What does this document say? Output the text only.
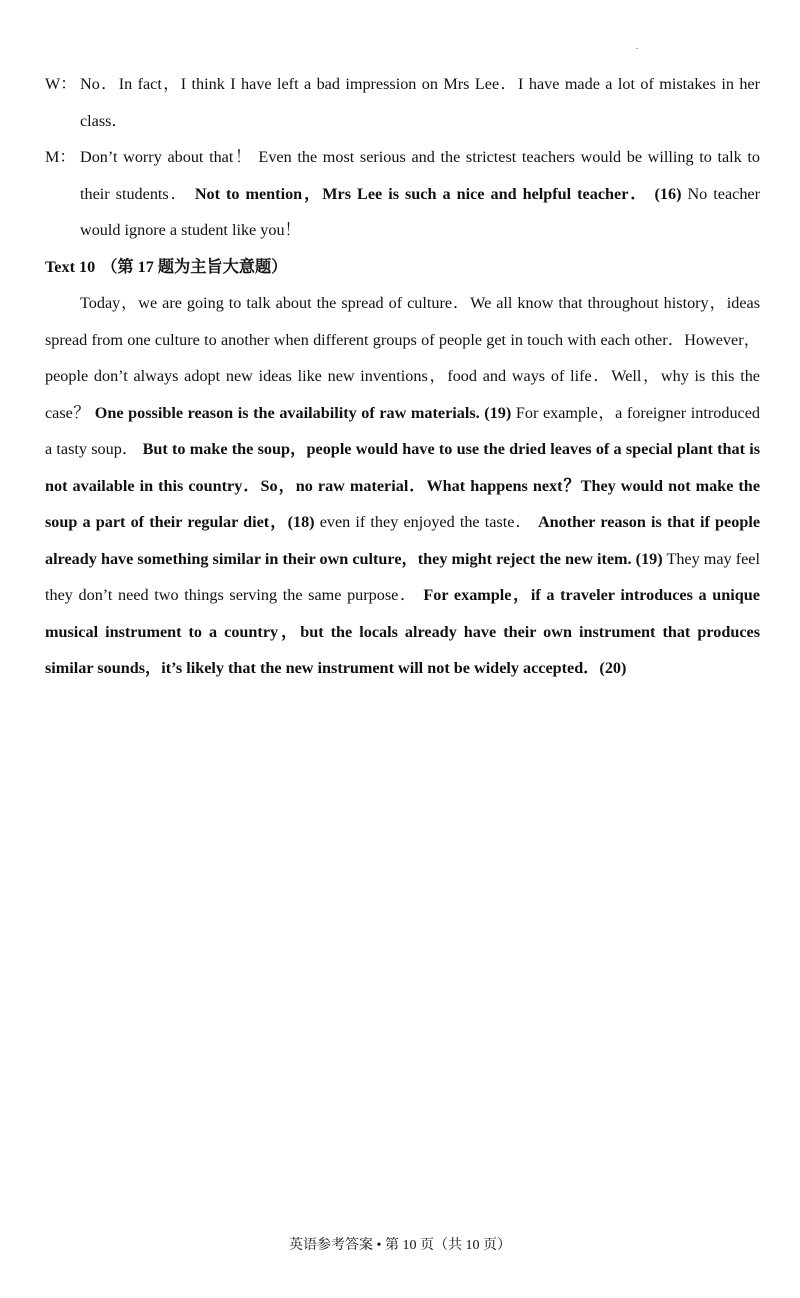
W： No．In fact，I think I have left a bad impression on Mrs Lee．I have made a lot of mistakes in her class．

M： Don’t worry about that！ Even the most serious and the strictest teachers would be willing to talk to their students． Not to mention，Mrs Lee is such a nice and helpful teacher． (16) No teacher would ignore a student like you！

Text 10 （第 17 题为主旨大意题）

Today，we are going to talk about the spread of culture．We all know that throughout history，ideas spread from one culture to another when different groups of people get in touch with each other．However，people don’t always adopt new ideas like new inventions，food and ways of life．Well，why is this the case？ One possible reason is the availability of raw materials. (19) For example，a foreigner introduced a tasty soup． But to make the soup，people would have to use the dried leaves of a special plant that is not available in this country．So，no raw material．What happens next？They would not make the soup a part of their regular diet，(18) even if they enjoyed the taste． Another reason is that if people already have something similar in their own culture，they might reject the new item. (19) They may feel they don’t need two things serving the same purpose． For example，if a traveler introduces a unique musical instrument to a country，but the locals already have their own instrument that produces similar sounds，it’s likely that the new instrument will not be widely accepted．(20)

英语参考答案 • 第 10 页（共 10 页）
